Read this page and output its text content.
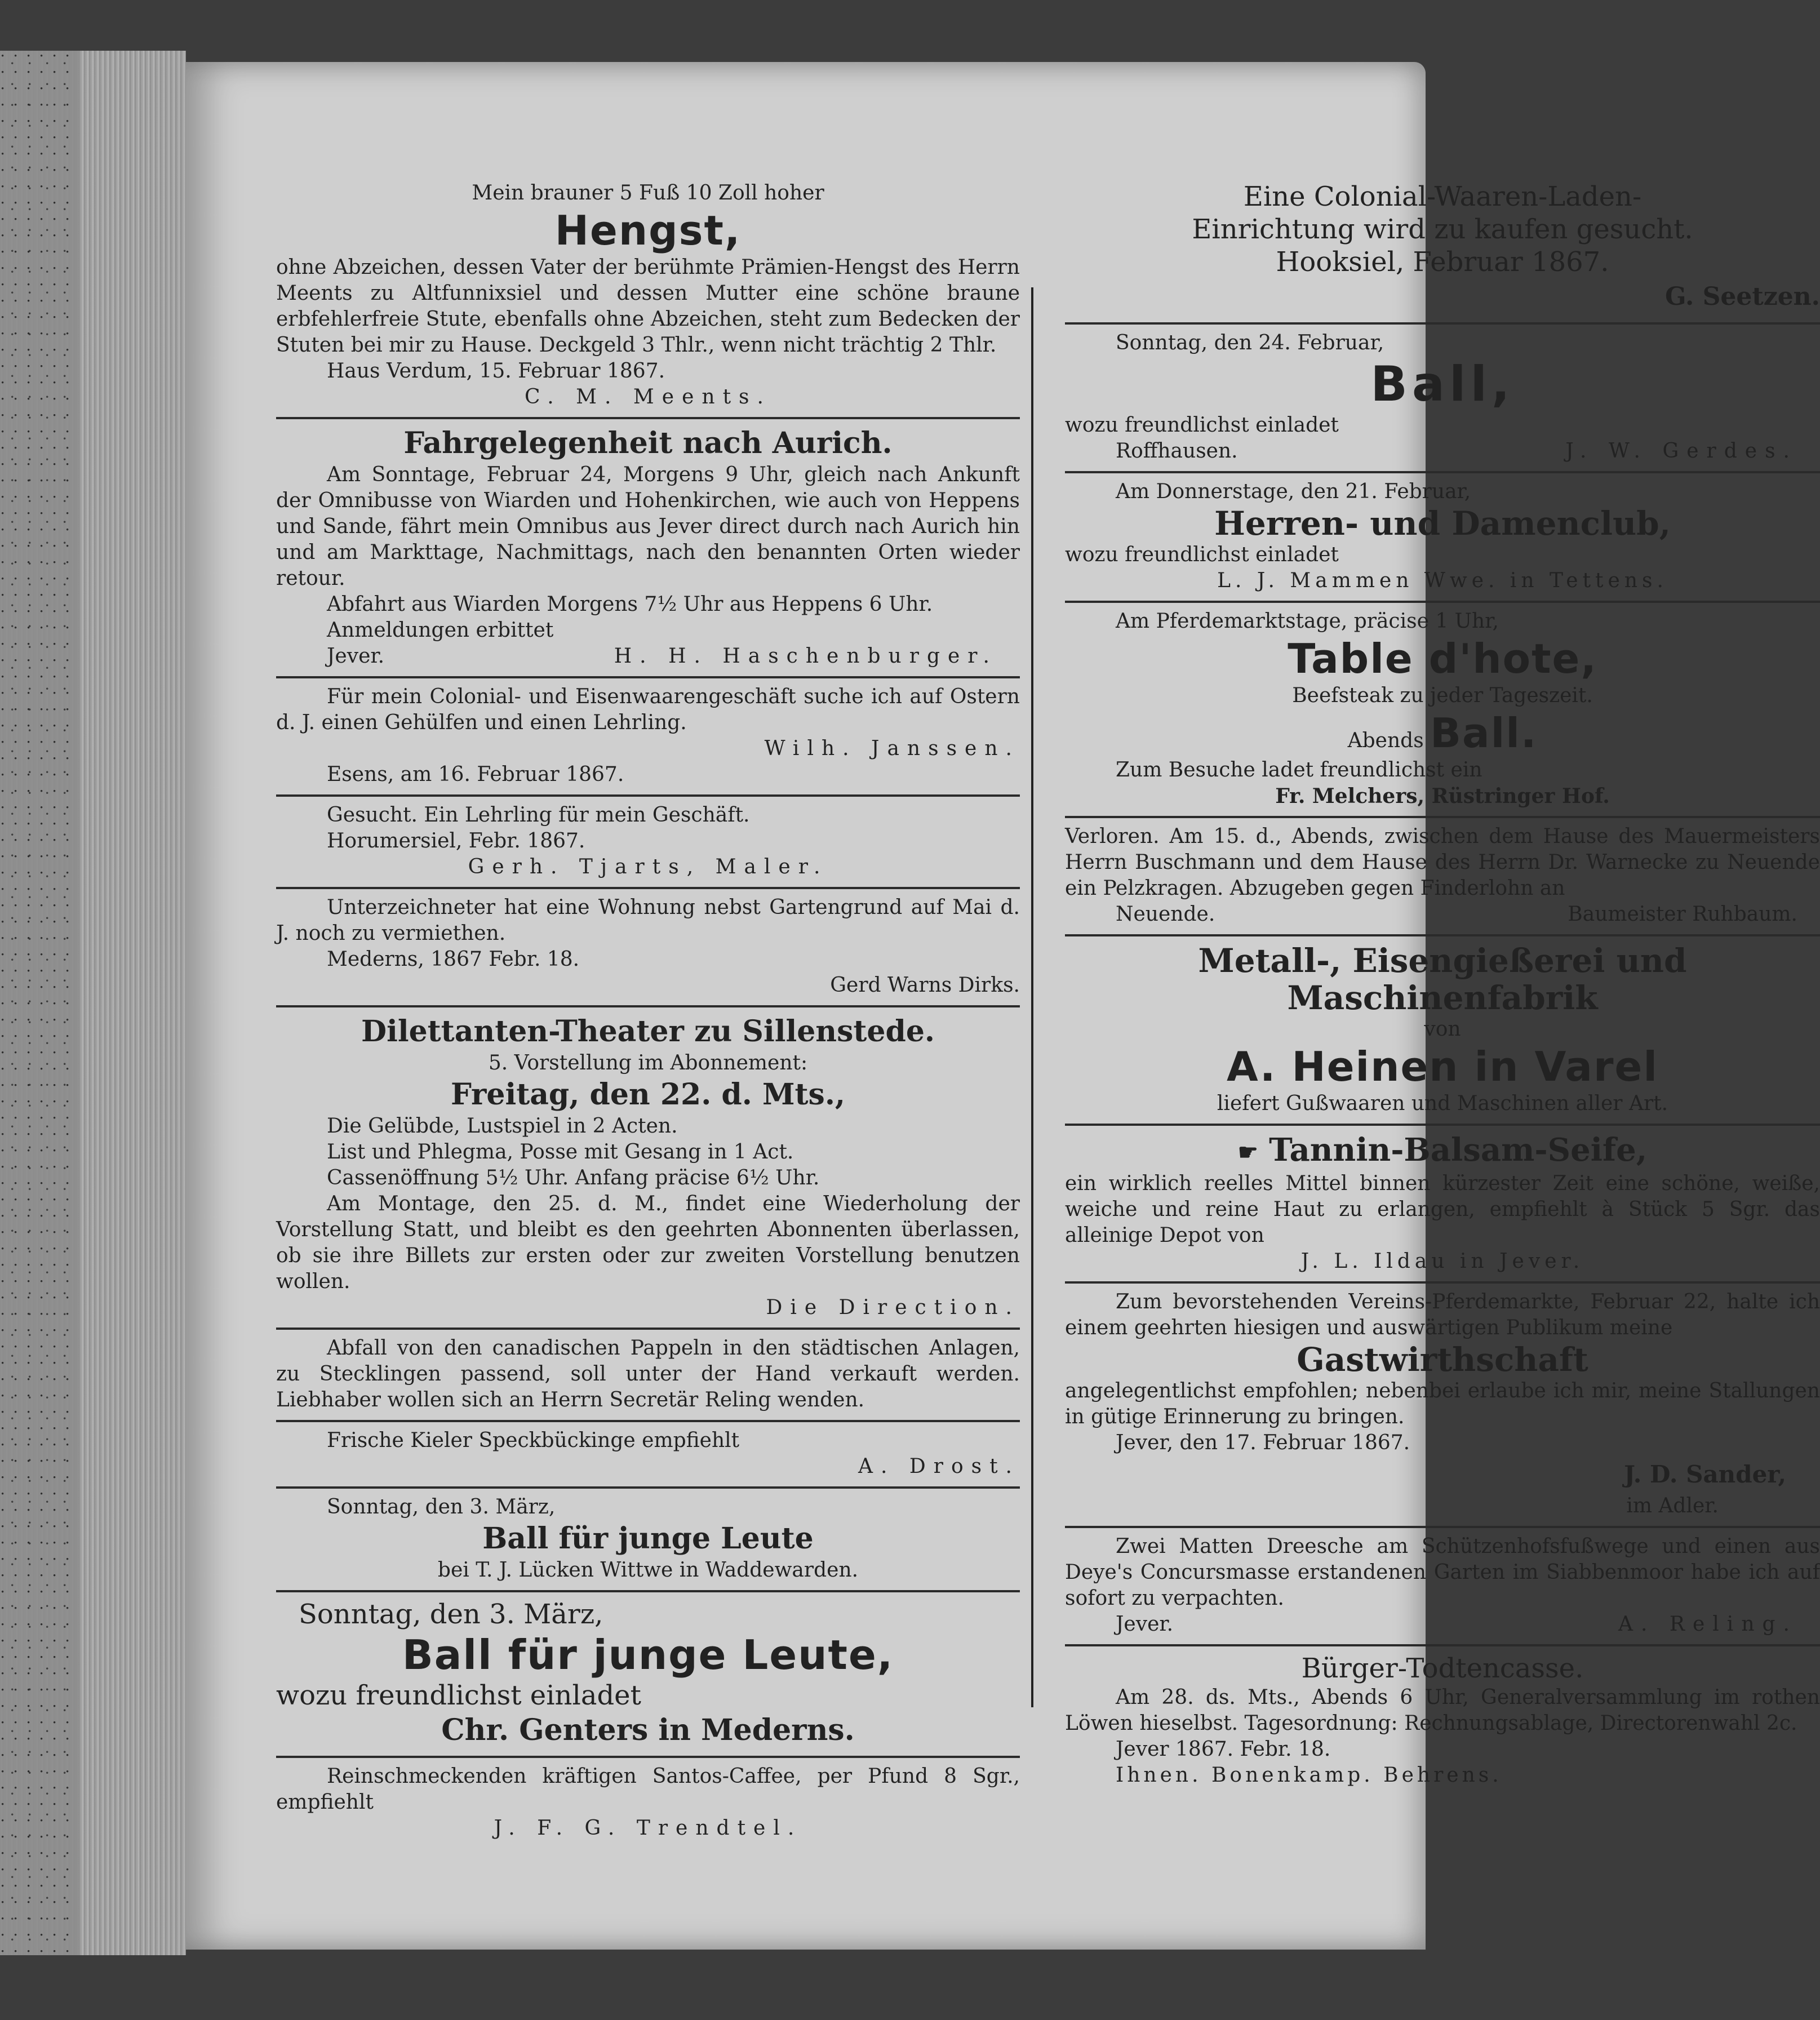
Mein brauner 5 Fuß 10 Zoll hoher

Hengst,

ohne Abzeichen, dessen Vater der berühmte Prämien-Hengst des Herrn Meents zu Altfunnixsiel und dessen Mutter eine schöne braune erbfehlerfreie Stute, ebenfalls ohne Abzeichen, steht zum Bedecken der Stuten bei mir zu Hause. Deckgeld 3 Thlr., wenn nicht trächtig 2 Thlr.

Haus Verdum, 15. Februar 1867.

C. M. Meents.

Fahrgelegenheit nach Aurich.

Am Sonntage, Februar 24, Morgens 9 Uhr, gleich nach Ankunft der Omnibusse von Wiarden und Hohenkirchen, wie auch von Heppens und Sande, fährt mein Omnibus aus Jever direct durch nach Aurich hin und am Markttage, Nachmittags, nach den benannten Orten wieder retour.

Abfahrt aus Wiarden Morgens 7½ Uhr aus Heppens 6 Uhr.

Anmeldungen erbittet

Jever.	H. H. Haschenburger.

Für mein Colonial- und Eisenwaarengeschäft suche ich auf Ostern d. J. einen Gehülfen und einen Lehrling.

Wilh. Janssen.

Esens, am 16. Februar 1867.

Gesucht. Ein Lehrling für mein Geschäft.

Horumersiel, Febr. 1867.

Gerh. Tjarts, Maler.

Unterzeichneter hat eine Wohnung nebst Gartengrund auf Mai d. J. noch zu vermiethen.

Mederns, 1867 Febr. 18.

Gerd Warns Dirks.

Dilettanten-Theater zu Sillenstede.

5. Vorstellung im Abonnement:

Freitag, den 22. d. Mts.,

Die Gelübde, Lustspiel in 2 Acten.

List und Phlegma, Posse mit Gesang in 1 Act.

Cassenöffnung 5½ Uhr. Anfang präcise 6½ Uhr.

Am Montage, den 25. d. M., findet eine Wiederholung der Vorstellung Statt, und bleibt es den geehrten Abonnenten überlassen, ob sie ihre Billets zur ersten oder zur zweiten Vorstellung benutzen wollen.

Die Direction.

Abfall von den canadischen Pappeln in den städtischen Anlagen, zu Stecklingen passend, soll unter der Hand verkauft werden. Liebhaber wollen sich an Herrn Secretär Reling wenden.

Frische Kieler Speckbückinge empfiehlt

A. Drost.

Sonntag, den 3. März,

Ball für junge Leute

bei T. J. Lücken Wittwe in Waddewarden.

Sonntag, den 3. März,

Ball für junge Leute,

wozu freundlichst einladet

Chr. Genters in Mederns.

Reinschmeckenden kräftigen Santos-Caffee, per Pfund 8 Sgr., empfiehlt

J. F. G. Trendtel.

Eine Colonial-Waaren-Laden-

Einrichtung wird zu kaufen gesucht.

Hooksiel, Februar 1867.

G. Seetzen.

Sonntag, den 24. Februar,

Ball,

wozu freundlichst einladet

Roffhausen.	J. W. Gerdes.

Am Donnerstage, den 21. Februar,

Herren- und Damenclub,

wozu freundlichst einladet

L. J. Mammen Wwe. in Tettens.

Am Pferdemarktstage, präcise 1 Uhr,

Table d'hote,

Beefsteak zu jeder Tageszeit.

Abends Ball.

Zum Besuche ladet freundlichst ein

Fr. Melchers, Rüstringer Hof.

Verloren. Am 15. d., Abends, zwischen dem Hause des Mauermeisters Herrn Buschmann und dem Hause des Herrn Dr. Warnecke zu Neuende ein Pelzkragen. Abzugeben gegen Finderlohn an

Neuende.	Baumeister Ruhbaum.

Metall-, Eisengießerei und

Maschinenfabrik

von

A. Heinen in Varel

liefert Gußwaaren und Maschinen aller Art.

☛ Tannin-Balsam-Seife,

ein wirklich reelles Mittel binnen kürzester Zeit eine schöne, weiße, weiche und reine Haut zu erlangen, empfiehlt à Stück 5 Sgr. das alleinige Depot von

J. L. Ildau in Jever.

Zum bevorstehenden Vereins-Pferdemarkte, Februar 22, halte ich einem geehrten hiesigen und auswärtigen Publikum meine

Gastwirthschaft

angelegentlichst empfohlen; nebenbei erlaube ich mir, meine Stallungen in gütige Erinnerung zu bringen.

Jever, den 17. Februar 1867.

J. D. Sander,

im Adler.

Zwei Matten Dreesche am Schützenhofsfußwege und einen aus Deye's Concursmasse erstandenen Garten im Siabbenmoor habe ich auf sofort zu verpachten.

Jever.	A. Reling.

Bürger-Todtencasse.

Am 28. ds. Mts., Abends 6 Uhr, Generalversammlung im rothen Löwen hieselbst. Tagesordnung: Rechnungsablage, Directorenwahl 2c.

Jever 1867. Febr. 18.

Ihnen. Bonenkamp. Behrens.
